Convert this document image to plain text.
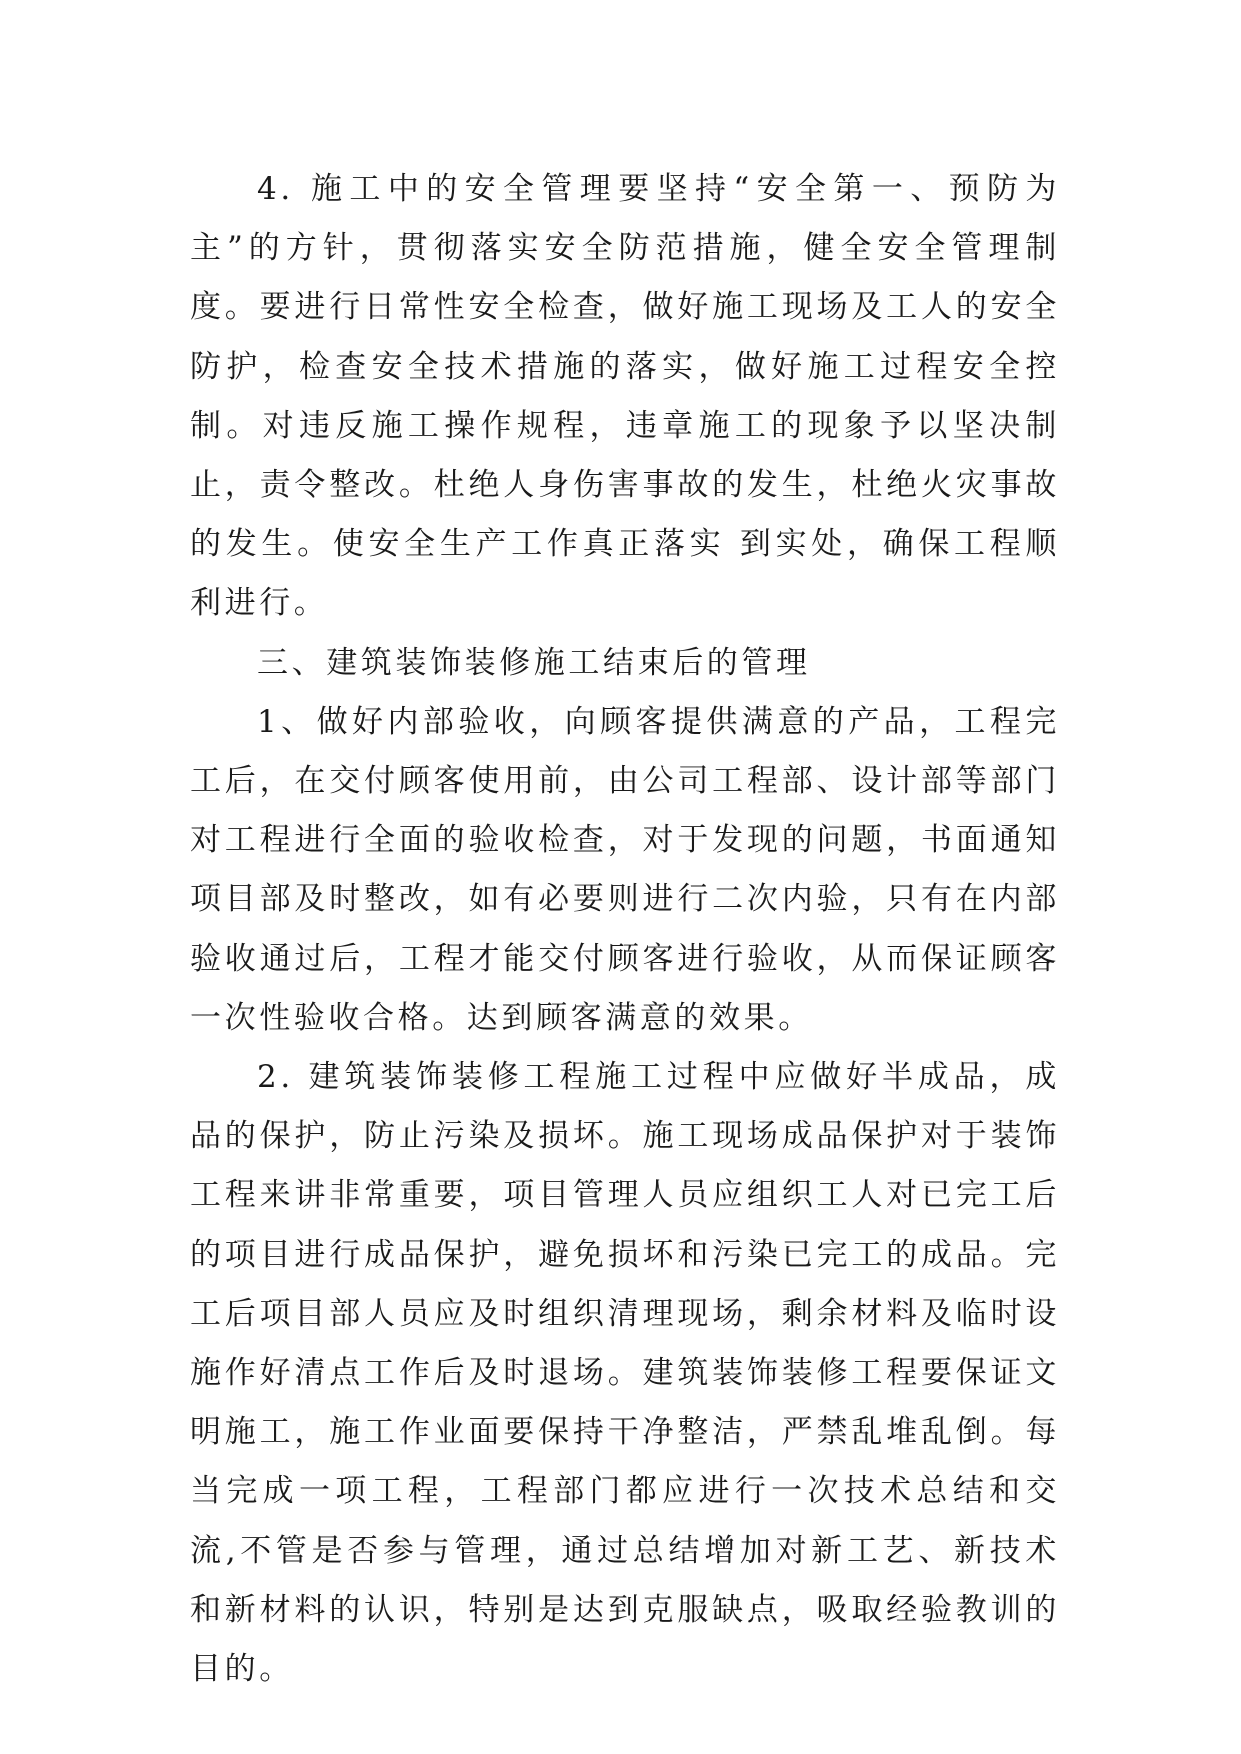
4. 施工中的安全管理要坚持“安全第一、预防为主”的方针，贯彻落实安全防范措施，健全安全管理制度。要进行日常性安全检查，做好施工现场及工人的安全防护，检查安全技术措施的落实，做好施工过程安全控制。对违反施工操作规程，违章施工的现象予以坚决制止，责令整改。杜绝人身伤害事故的发生，杜绝火灾事故的发生。使安全生产工作真正落实 到实处，确保工程顺利进行。

三、建筑装饰装修施工结束后的管理

1、做好内部验收，向顾客提供满意的产品，工程完工后，在交付顾客使用前，由公司工程部、设计部等部门对工程进行全面的验收检查，对于发现的问题，书面通知项目部及时整改，如有必要则进行二次内验，只有在内部验收通过后，工程才能交付顾客进行验收，从而保证顾客一次性验收合格。达到顾客满意的效果。

2. 建筑装饰装修工程施工过程中应做好半成品，成品的保护，防止污染及损坏。施工现场成品保护对于装饰工程来讲非常重要，项目管理人员应组织工人对已完工后的项目进行成品保护，避免损坏和污染已完工的成品。完工后项目部人员应及时组织清理现场，剩余材料及临时设施作好清点工作后及时退场。建筑装饰装修工程要保证文明施工，施工作业面要保持干净整洁，严禁乱堆乱倒。每当完成一项工程，工程部门都应进行一次技术总结和交流,不管是否参与管理，通过总结增加对新工艺、新技术和新材料的认识，特别是达到克服缺点，吸取经验教训的目的。
